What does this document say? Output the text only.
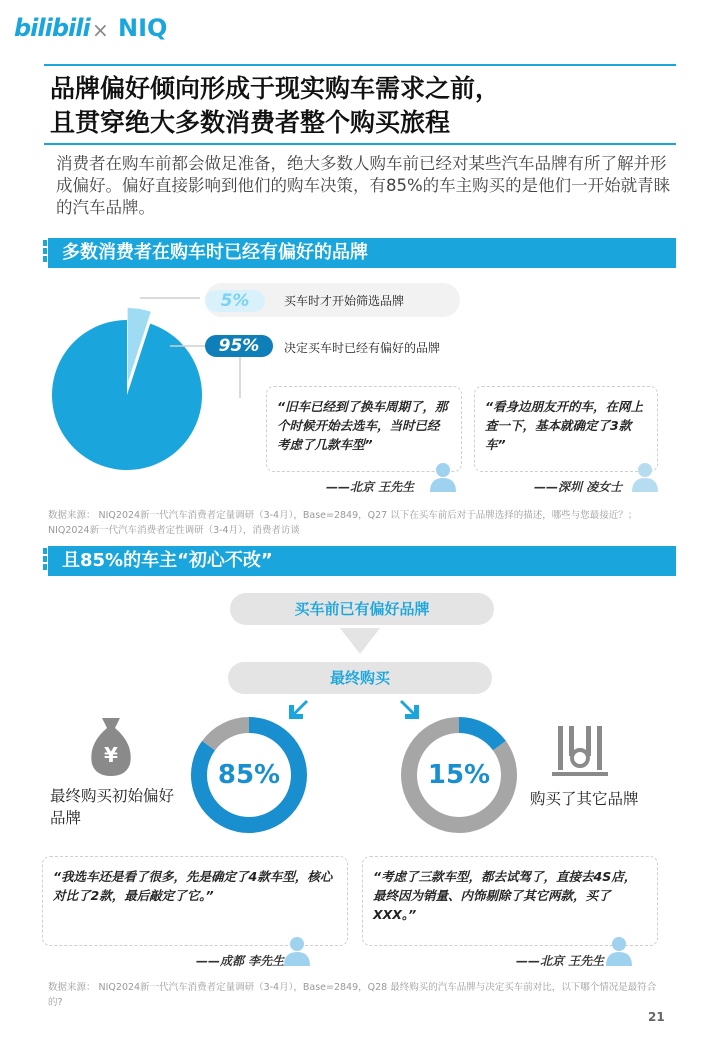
bilibili × NIQ
品牌偏好倾向形成于现实购车需求之前，
且贯穿绝大多数消费者整个购买旅程
消费者在购车前都会做足准备，绝大多数人购车前已经对某些汽车品牌有所了解并形成偏好。偏好直接影响到他们的购车决策，有85%的车主购买的是他们一开始就青睐的汽车品牌。
多数消费者在购车时已经有偏好的品牌
5%	买车时才开始筛选品牌
95%	决定买车时已经有偏好的品牌
“旧车已经到了换车周期了，那个时候开始去选车，当时已经考虑了几款车型”
——北京 王先生
“看身边朋友开的车，在网上查一下，基本就确定了3款车”
——深圳 凌女士
数据来源： NIQ2024新一代汽车消费者定量调研（3-4月），Base=2849，Q27 以下在买车前后对于品牌选择的描述，哪些与您最接近？； NIQ2024新一代汽车消费者定性调研（3-4月），消费者访谈
且85%的车主“初心不改”
买车前已有偏好品牌
最终购买
¥
最终购买初始偏好品牌
85%	15%
购买了其它品牌
“我选车还是看了很多，先是确定了4款车型，核心对比了2款，最后敲定了它。”
——成都 李先生
“考虑了三款车型，都去试驾了，直接去4S店，最终因为销量、内饰剔除了其它两款，买了XXX。”
——北京 王先生
数据来源： NIQ2024新一代汽车消费者定量调研（3-4月），Base=2849，Q28 最终购买的汽车品牌与决定买车前对比，以下哪个情况是最符合的?
21
